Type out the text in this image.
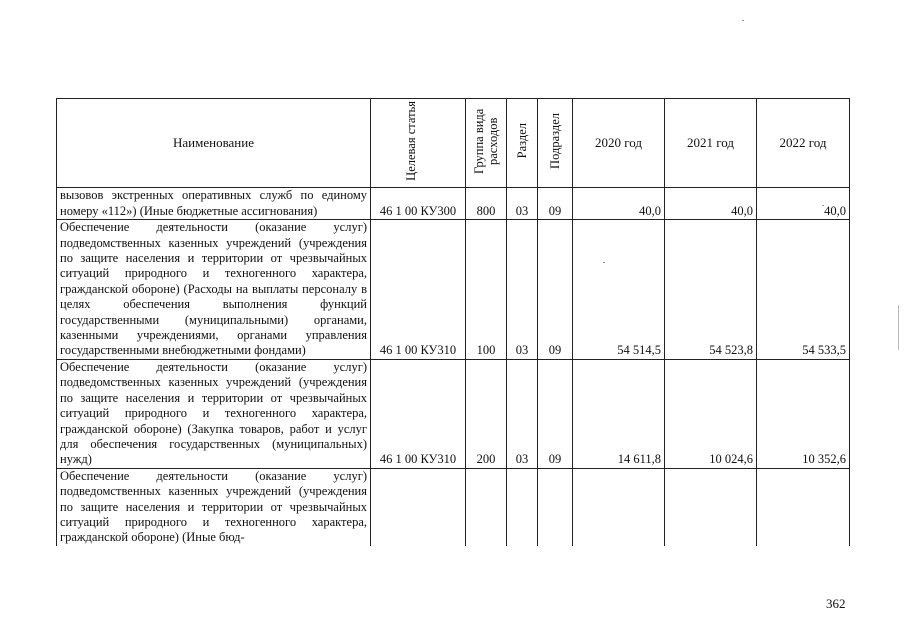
Наименование	Целевая статья	Группа вида расходов	Раздел	Подраздел	2020 год	2021 год	2022 год
вызовов экстренных оперативных служб по единому номеру «112») (Иные бюджетные ассигнования)	46 1 00 КУ300	800	03	09	40,0	40,0	40,0
Обеспечение деятельности (оказание услуг) подведомственных казенных учреждений (учреждения по защите населения и территории от чрезвычайных ситуаций природного и техногенного характера, гражданской обороне) (Расходы на выплаты персоналу в целях обеспечения выполнения функций государственными (муниципальными) органами, казенными учреждениями, органами управления государственными внебюджетными фондами)	46 1 00 КУ310	100	03	09	54 514,5	54 523,8	54 533,5
Обеспечение деятельности (оказание услуг) подведомственных казенных учреждений (учреждения по защите населения и территории от чрезвычайных ситуаций природного и техногенного характера, гражданской обороне) (Закупка товаров, работ и услуг для обеспечения государственных (муниципальных) нужд)	46 1 00 КУ310	200	03	09	14 611,8	10 024,6	10 352,6
Обеспечение деятельности (оказание услуг) подведомственных казенных учреждений (учреждения по защите населения и территории от чрезвычайных ситуаций природного и техногенного характера, гражданской обороне) (Иные бюд-							
362
